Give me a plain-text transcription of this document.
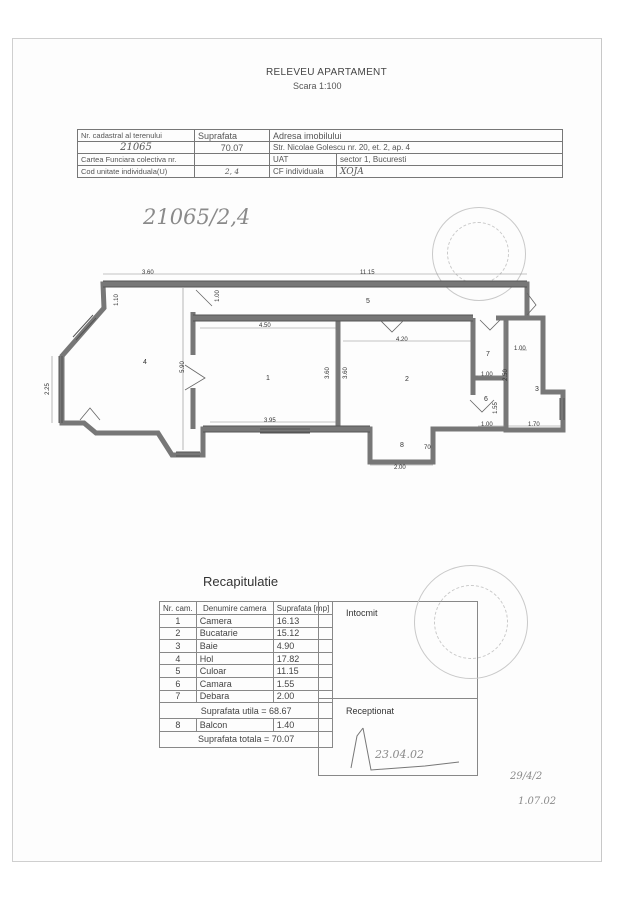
RELEVEU APARTAMENT
Scara 1:100
Nr. cadastral al terenului	Suprafata	Adresa imobilului	
21065	70.07	Str. Nicolae Golescu nr. 20, et. 2, ap. 4	
Cartea Funciara colectiva nr.		UAT	sector 1, Bucuresti
Cod unitate individuala(U)	2, 4	CF individuala	XOJA
21065/2,4
3.60	11.15
2.25
1.10
5.90
1.00
4.50
3.60
3.95
4.20
3.60
2.00
70
1.00
1.00
1.55
2.50
1.70
1.00
1	2
3
4
5
6
7
8
Recapitulatie
Nr. cam.	Denumire camera	Suprafata [mp]
1	Camera	16.13
2	Bucatarie	15.12
3	Baie	4.90
4	Hol	17.82
5	Culoar	11.15
6	Camara	1.55
7	Debara	2.00
Suprafata utila = 68.67		
8	Balcon	1.40
Suprafata totala = 70.07		
Intocmit
Receptionat
23.04.02
29/4/2
1.07.02
